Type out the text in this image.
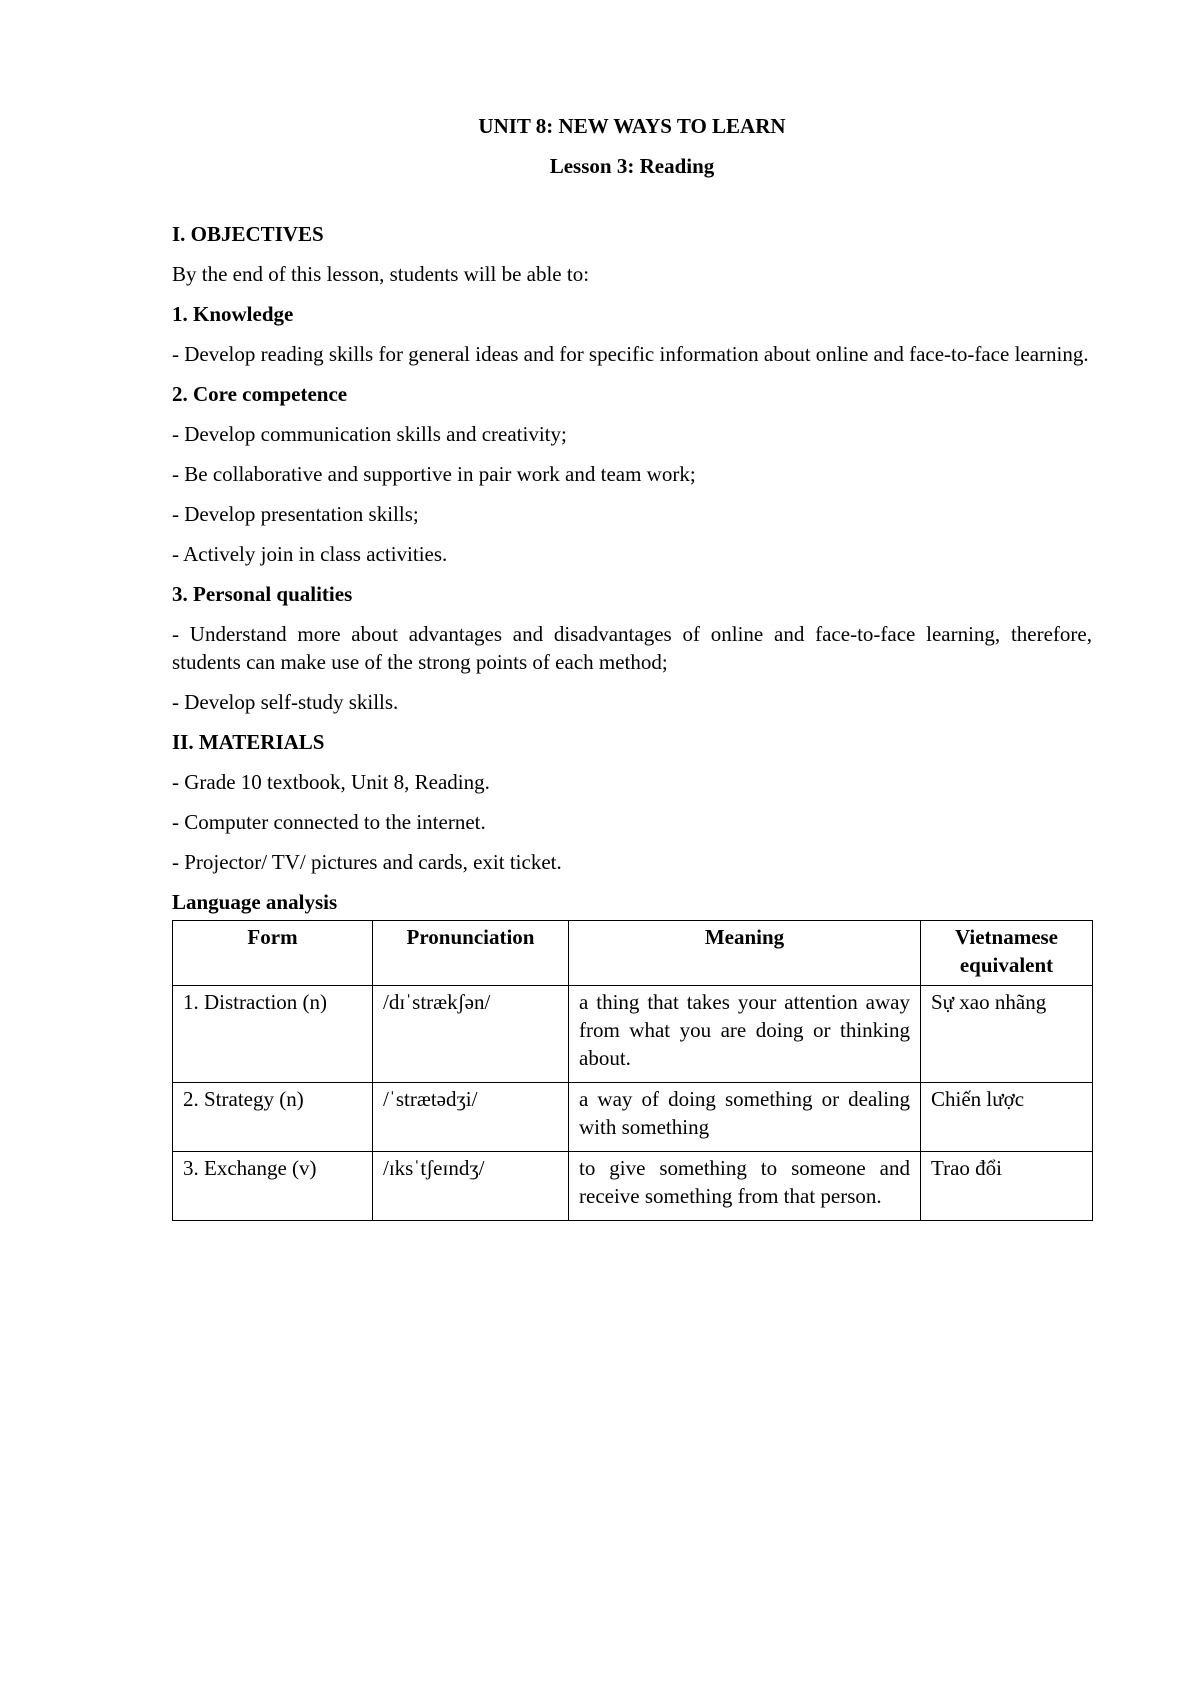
UNIT 8: NEW WAYS TO LEARN
Lesson 3: Reading
I. OBJECTIVES
By the end of this lesson, students will be able to:
1. Knowledge
- Develop reading skills for general ideas and for specific information about online and face-to-face learning.
2. Core competence
- Develop communication skills and creativity;
- Be collaborative and supportive in pair work and team work;
- Develop presentation skills;
- Actively join in class activities.
3. Personal qualities
- Understand more about advantages and disadvantages of online and face-to-face learning, therefore, students can make use of the strong points of each method;
- Develop self-study skills.
II. MATERIALS
- Grade 10 textbook, Unit 8, Reading.
- Computer connected to the internet.
- Projector/ TV/ pictures and cards, exit ticket.
Language analysis
Form	Pronunciation	Meaning	Vietnamese equivalent
1. Distraction (n)	/dɪˈstrækʃən/	a thing that takes your attention away from what you are doing or thinking about.	Sự xao nhãng
2. Strategy (n)	/ˈstrætədʒi/	a way of doing something or dealing with something	Chiến lược
3. Exchange (v)	/ɪksˈtʃeɪndʒ/	to give something to someone and receive something from that person.	Trao đổi
